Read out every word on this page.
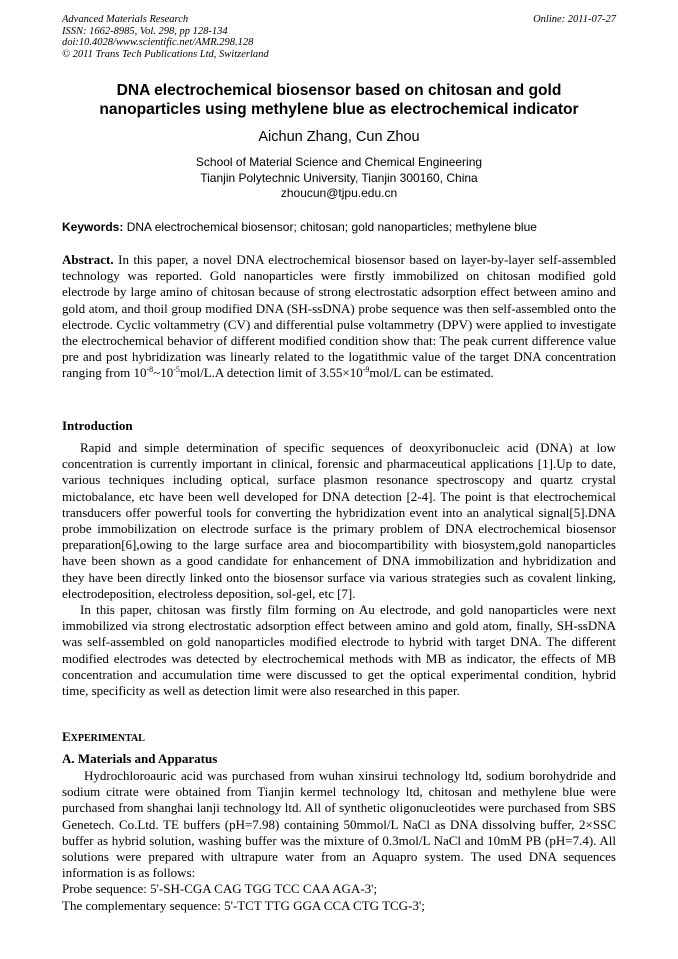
Advanced Materials Research
ISSN: 1662-8985, Vol. 298, pp 128-134
doi:10.4028/www.scientific.net/AMR.298.128
© 2011 Trans Tech Publications Ltd, Switzerland
Online: 2011-07-27
DNA electrochemical biosensor based on chitosan and gold
nanoparticles using methylene blue as electrochemical indicator
Aichun Zhang, Cun Zhou
School of Material Science and Chemical Engineering
Tianjin Polytechnic University, Tianjin 300160, China
zhoucun@tjpu.edu.cn
Keywords: DNA electrochemical biosensor; chitosan; gold nanoparticles; methylene blue
Abstract. In this paper, a novel DNA electrochemical biosensor based on layer-by-layer self-assembled technology was reported. Gold nanoparticles were firstly immobilized on chitosan modified gold electrode by large amino of chitosan because of strong electrostatic adsorption effect between amino and gold atom, and thoil group modified DNA (SH-ssDNA) probe sequence was then self-assembled onto the electrode. Cyclic voltammetry (CV) and differential pulse voltammetry (DPV) were applied to investigate the electrochemical behavior of different modified condition show that: The peak current difference value pre and post hybridization was linearly related to the logatithmic value of the target DNA concentration ranging from $10^{-8}\sim 10^{-5}mol/L.A$ detection limit of $3.55\times 10^{-9}mol/L$ can be estimated.
Introduction

Rapid and simple determination of specific sequences of deoxyribonucleic acid (DNA) at low concentration is currently important in clinical, forensic and pharmaceutical applications [1].Up to date, various techniques including optical, surface plasmon resonance spectroscopy and quartz crystal mictobalance, etc have been well developed for DNA detection [2-4]. The point is that electrochemical transducers offer powerful tools for converting the hybridization event into an analytical signal[5].DNA probe immobilization on electrode surface is the primary problem of DNA electrochemical biosensor preparation[6],owing to the large surface area and biocompartibility with biosystem,gold nanoparticles have been shown as a good candidate for enhancement of DNA immobilization and hybridization and they have been directly linked onto the biosensor surface via various strategies such as covalent linking, electrodeposition, electroless deposition, sol-gel, etc [7].

In this paper, chitosan was firstly film forming on Au electrode, and gold nanoparticles were next immobilized via strong electrostatic adsorption effect between amino and gold atom, finally, SH-ssDNA was self-assembled on gold nanoparticles modified electrode to hybrid with target DNA. The different modified electrodes was detected by electrochemical methods with MB as indicator, the effects of MB concentration and accumulation time were discussed to get the optical experimental condition, hybrid time, specificity as well as detection limit were also researched in this paper.

EXPERIMENTAL
A. Materials and Apparatus

Hydrochloroauric acid was purchased from wuhan xinsirui technology ltd, sodium borohydride and sodium citrate were obtained from Tianjin kermel technology ltd, chitosan and methylene blue were purchased from shanghai lanji technology ltd. All of synthetic oligonucleotides were purchased from SBS Genetech. Co.Ltd. TE buffers (pH=7.98) containing 50mmol/L NaCl as DNA dissolving buffer, 2×SSC buffer as hybrid solution, washing buffer was the mixture of 0.3mol/L NaCl and 10mM PB (pH=7.4). All solutions were prepared with ultrapure water from an Aquapro system. The used DNA sequences information is as follows:

Probe sequence: 5'-SH-CGA CAG TGG TCC CAA AGA-3';
The complementary sequence: 5'-TCT TTG GGA CCA CTG TCG-3';
